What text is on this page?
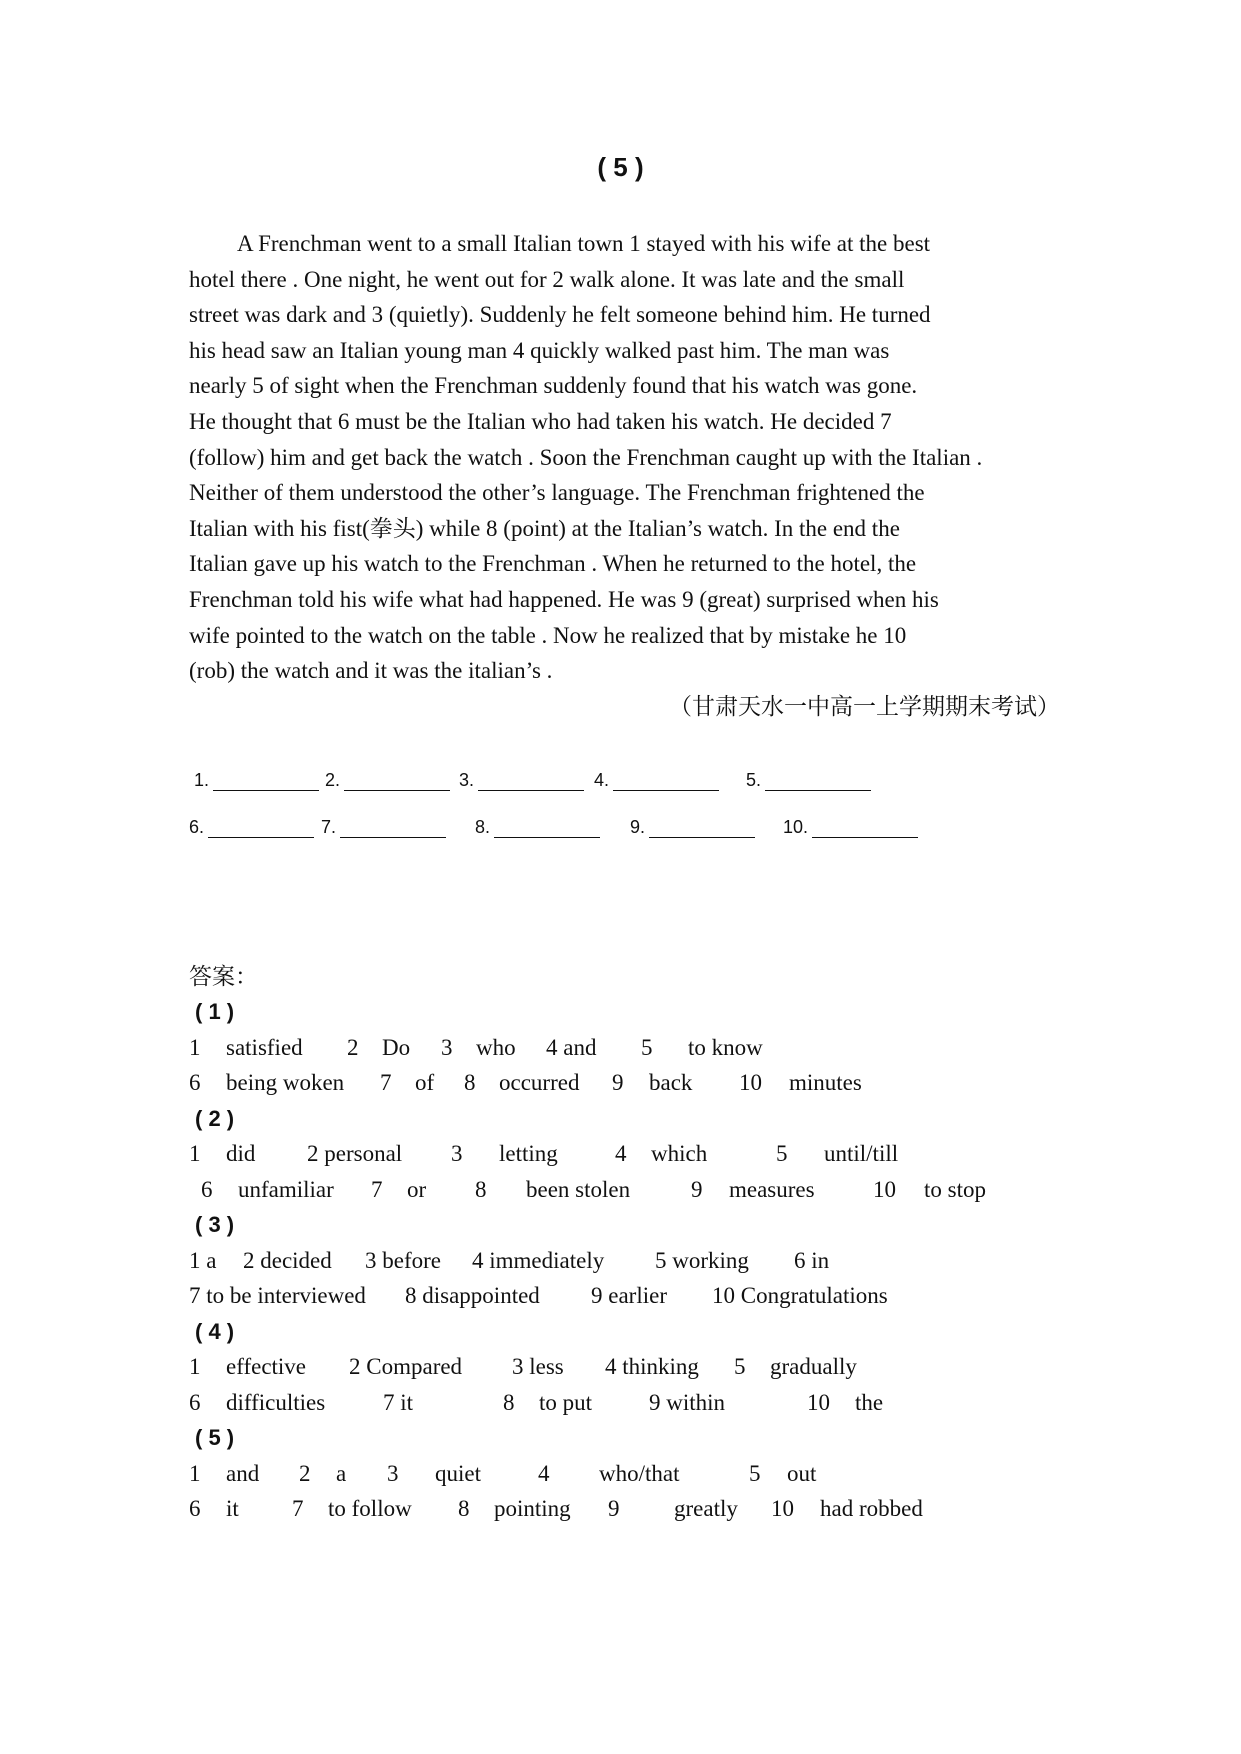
( 5 )
A Frenchman went to a small Italian town 1 stayed with his wife at the best
hotel there . One night, he went out for 2 walk alone. It was late and the small
street was dark and 3 (quietly). Suddenly he felt someone behind him. He turned
his head saw an Italian young man 4 quickly walked past him. The man was
nearly 5 of sight when the Frenchman suddenly found that his watch was gone.
He thought that 6 must be the Italian who had taken his watch. He decided 7
(follow) him and get back the watch . Soon the Frenchman caught up with the Italian .
Neither of them understood the other’s language. The Frenchman frightened the
Italian with his fist(拳头) while 8 (point) at the Italian’s watch. In the end the
Italian gave up his watch to the Frenchman . When he returned to the hotel, the
Frenchman told his wife what had happened. He was 9 (great) surprised when his
wife pointed to the watch on the table . Now he realized that by mistake he 10
(rob) the watch and it was the italian’s .
（甘肃天水一中高一上学期期末考试）
1.	2.	3.	4.	5.
6.	7.	8.	9.	10.
答案：
( 1 )
1 satisfied 2 Do 3 who 4 and 5 to know
6 being woken 7 of 8 occurred 9 back 10 minutes
( 2 )
1 did 2 personal 3 letting 4 which	5 until/till
6 unfamiliar 7 or 8 been stolen	9 measures	10 to stop
( 3 )
1 a 2 decided 3 before 4 immediately 5 working 6 in
7 to be interviewed 8 disappointed 9 earlier 10 Congratulations
( 4 )
1 effective 2 Compared 3 less 4 thinking 5 gradually
6 difficulties	7 it	8 to put 9 within	10 the
( 5 )
1 and 2 a 3 quiet 4 who/that	5 out
6 it 7 to follow 8 pointing 9 greatly 10 had robbed
